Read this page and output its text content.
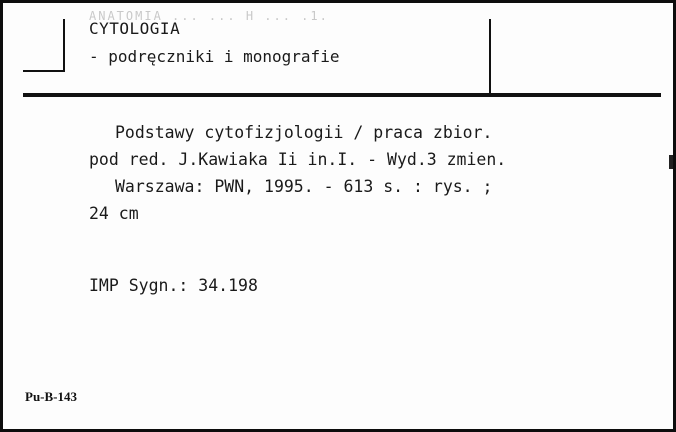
ANATOMIA ... ... H ... .1.
CYTOLOGIA
- podręczniki i monografie
Podstawy cytofizjologii / praca zbior.
pod red. J.Kawiaka Ii in.I. - Wyd.3 zmien.
Warszawa: PWN, 1995. - 613 s. : rys. ;
24 cm
IMP Sygn.: 34.198
Pu-B-143
